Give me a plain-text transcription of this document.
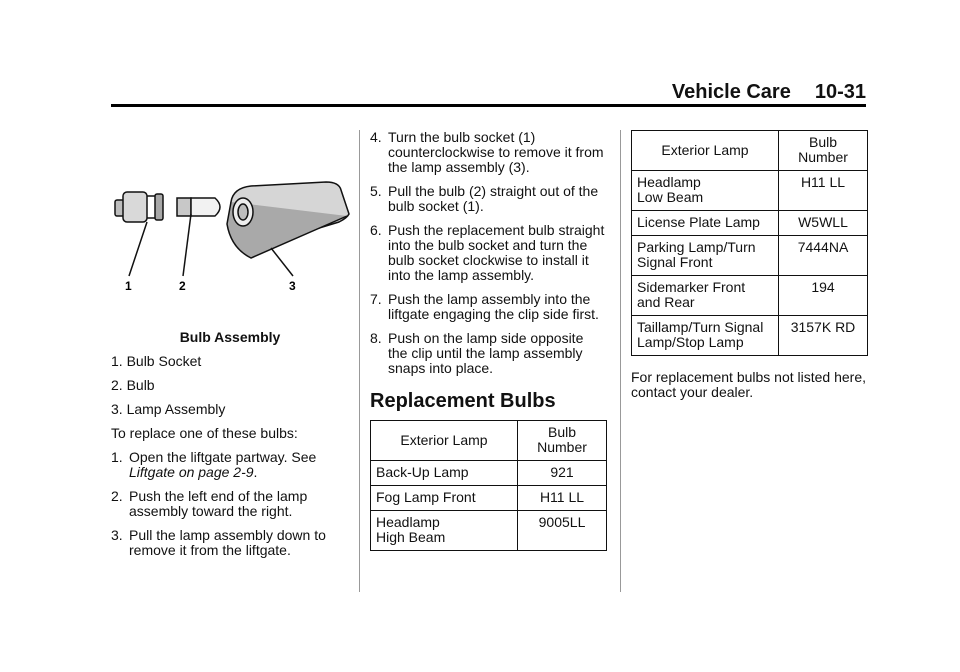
Vehicle Care 10-31
1	2	3

Bulb Assembly

1. Bulb Socket

2. Bulb

3. Lamp Assembly

To replace one of these bulbs:

1. Open the liftgate partway. See Liftgate on page 2-9.
2. Push the left end of the lamp assembly toward the right.
3. Pull the lamp assembly down to remove it from the liftgate.
4. Turn the bulb socket (1) counterclockwise to remove it from the lamp assembly (3).
5. Pull the bulb (2) straight out of the bulb socket (1).
6. Push the replacement bulb straight into the bulb socket and turn the bulb socket clockwise to install it into the lamp assembly.
7. Push the lamp assembly into the liftgate engaging the clip side first.
8. Push on the lamp side opposite the clip until the lamp assembly snaps into place.
Replacement Bulbs
Exterior Lamp	Bulb
Number
Back-Up Lamp	921
Fog Lamp Front	H11 LL
Headlamp
High Beam	9005LL
Exterior Lamp	Bulb
Number
Headlamp
Low Beam	H11 LL
License Plate Lamp	W5WLL
Parking Lamp/Turn
Signal Front	7444NA
Sidemarker Front
and Rear	194
Taillamp/Turn Signal
Lamp/Stop Lamp	3157K RD

For replacement bulbs not listed here, contact your dealer.
